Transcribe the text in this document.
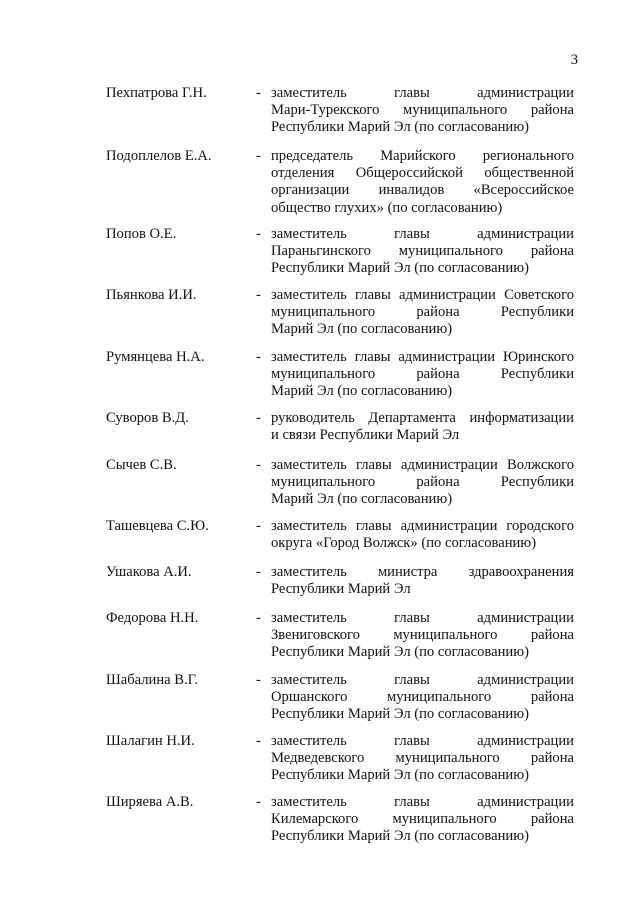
3
Пехпатрова Г.Н.	- заместитель главы администрации
Мари-Турекского муниципального района
Республики Марий Эл (по согласованию)
Подоплелов Е.А.	- председатель Марийского регионального
отделения Общероссийской общественной
организации инвалидов «Всероссийское
общество глухих» (по согласованию)
Попов О.Е.	- заместитель главы администрации
Параньгинского муниципального района
Республики Марий Эл (по согласованию)
Пьянкова И.И.	- заместитель главы администрации Советского
муниципального района Республики
Марий Эл (по согласованию)
Румянцева Н.А.	- заместитель главы администрации Юринского
муниципального района Республики
Марий Эл (по согласованию)
Суворов В.Д.	- руководитель Департамента информатизации
и связи Республики Марий Эл
Сычев С.В.	- заместитель главы администрации Волжского
муниципального района Республики
Марий Эл (по согласованию)
Ташевцева С.Ю.	- заместитель главы администрации городского
округа «Город Волжск» (по согласованию)
Ушакова А.И.	- заместитель министра здравоохранения
Республики Марий Эл
Федорова Н.Н.	- заместитель главы администрации
Звениговского муниципального района
Республики Марий Эл (по согласованию)
Шабалина В.Г.	- заместитель главы администрации
Оршанского муниципального района
Республики Марий Эл (по согласованию)
Шалагин Н.И.	- заместитель главы администрации
Медведевского муниципального района
Республики Марий Эл (по согласованию)
Ширяева А.В.	- заместитель главы администрации
Килемарского муниципального района
Республики Марий Эл (по согласованию)
